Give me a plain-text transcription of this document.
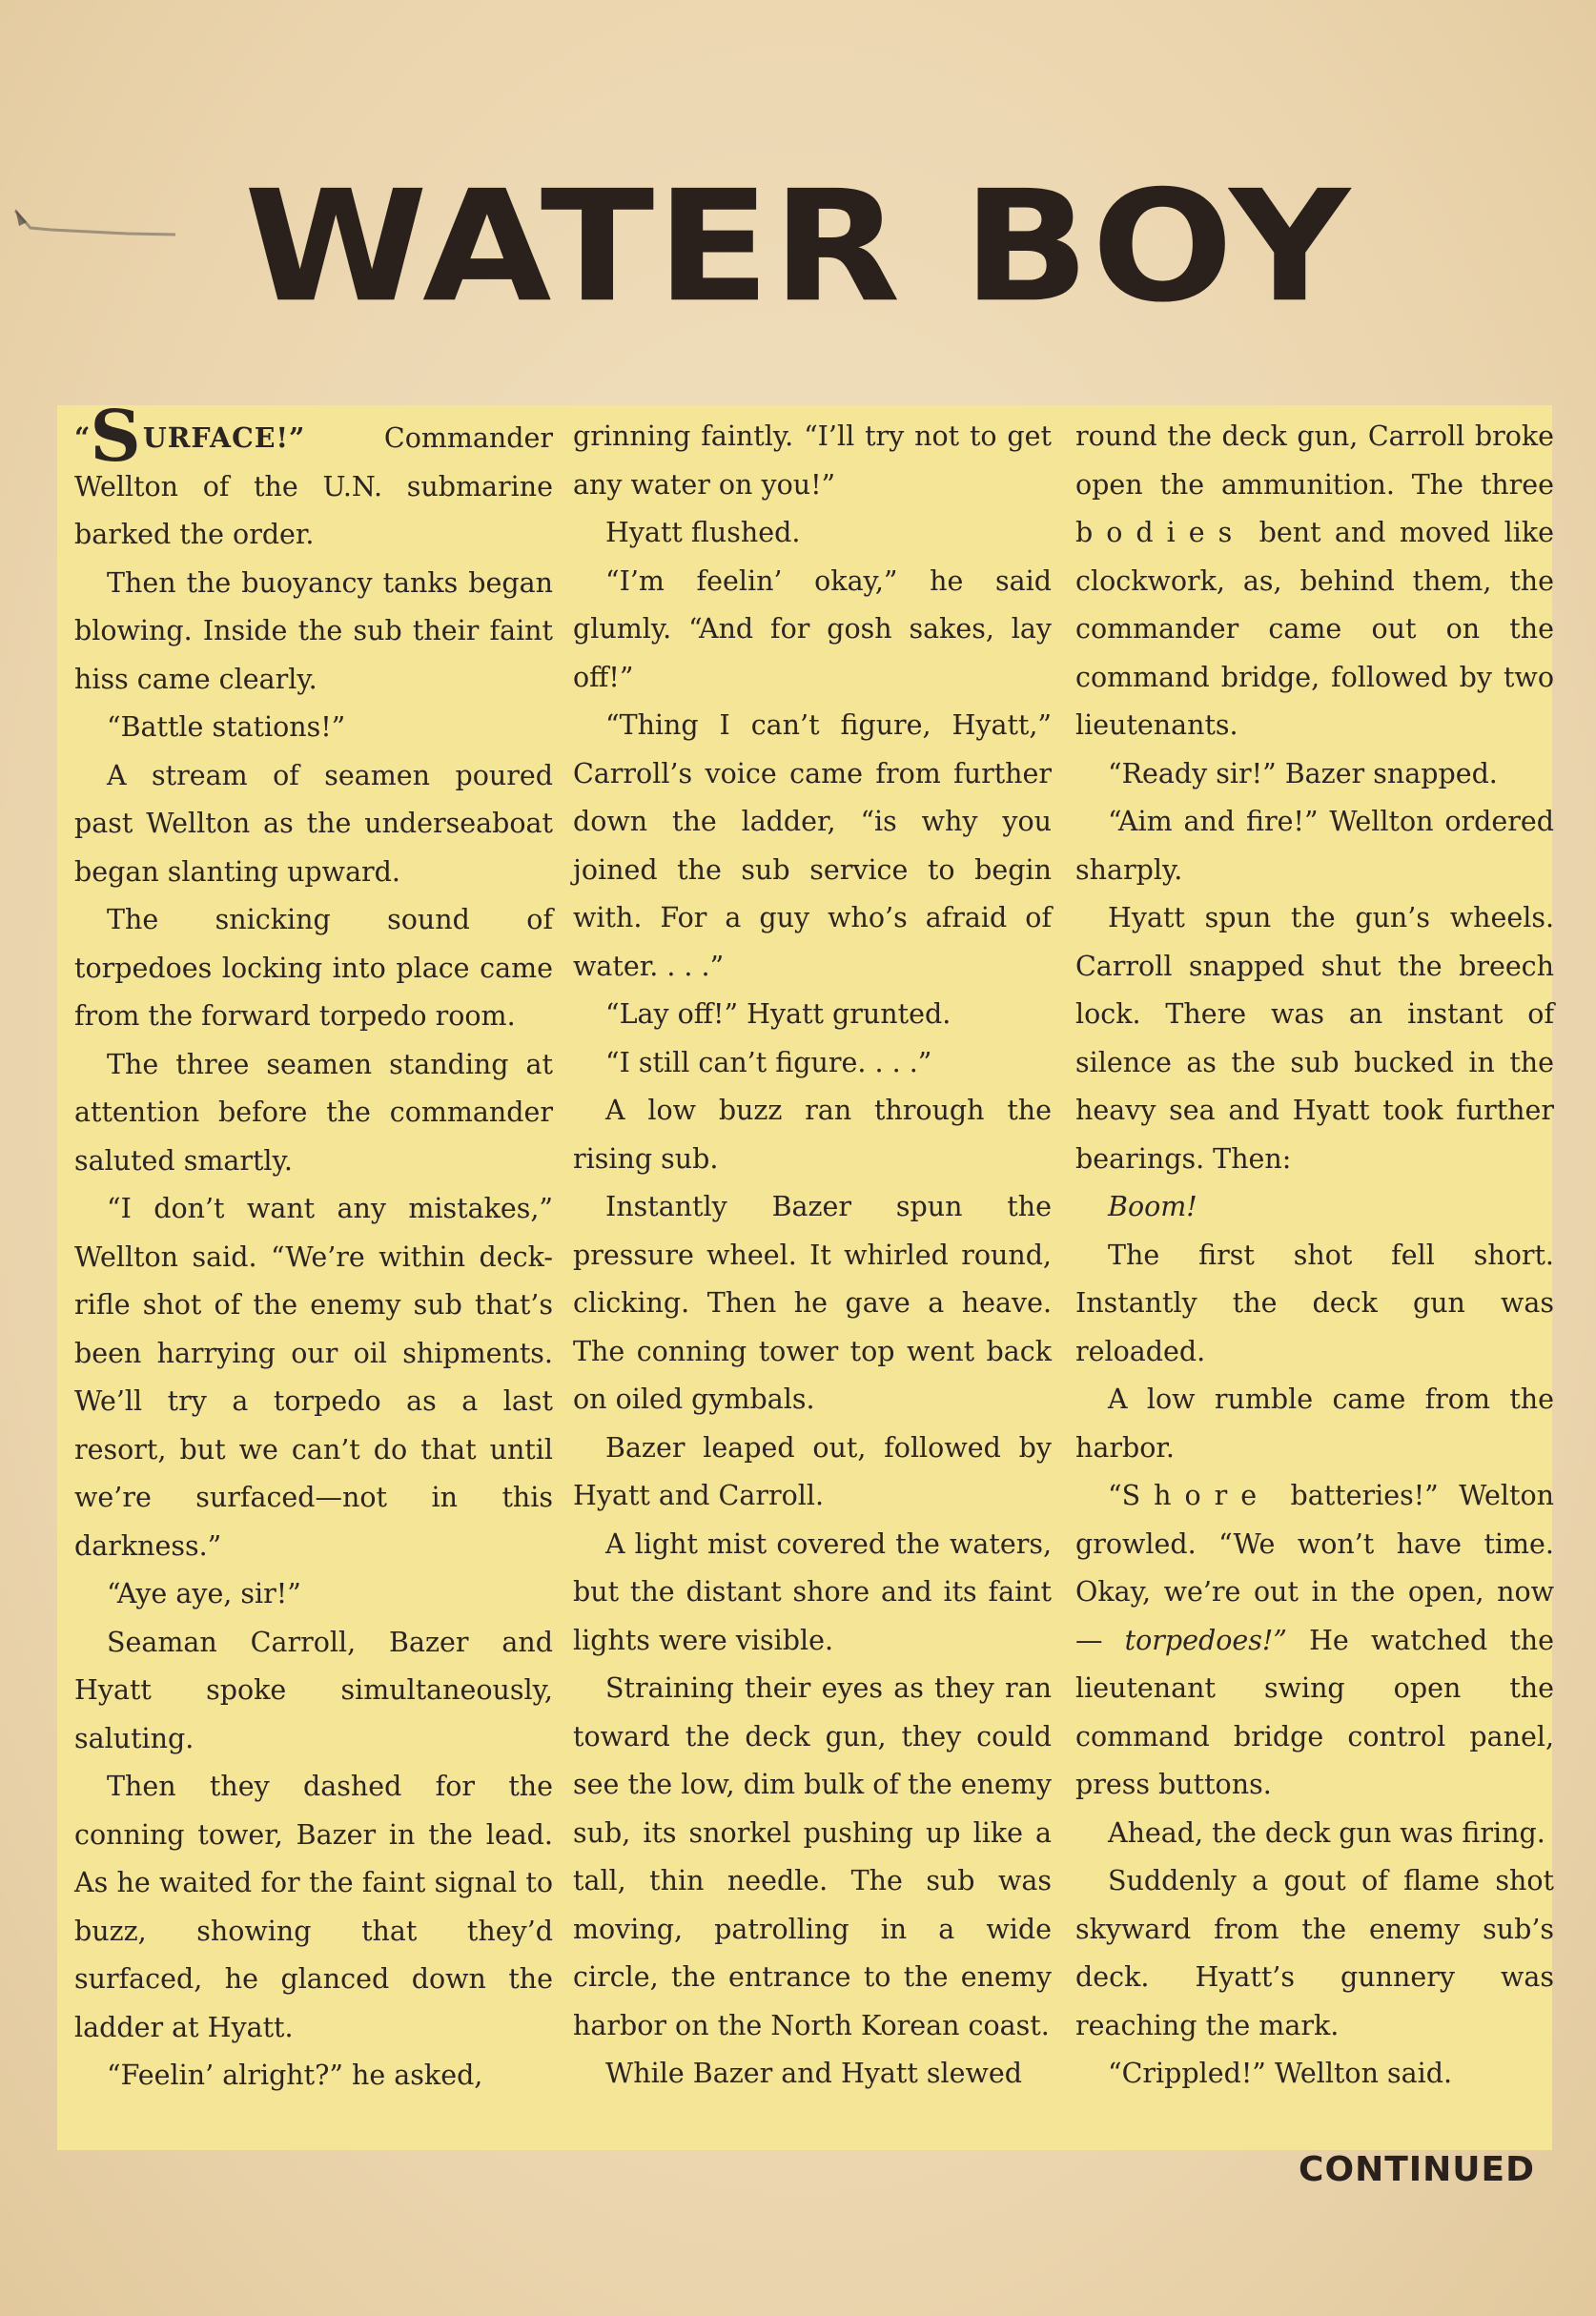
WATER BOY

“SURFACE!”	Commander Wellton of the U.N. submarine barked the order.

Then the buoyancy tanks began blowing. Inside the sub their faint hiss came clearly.

“Battle stations!”

A stream of seamen poured past Wellton as the underseaboat began slanting upward.

The snicking sound of torpedoes locking into place came from the forward torpedo room.

The three seamen standing at attention before the commander saluted smartly.

“I don’t want any mistakes,” Wellton said. “We’re within deck-rifle shot of the enemy sub that’s been harrying our oil shipments. We’ll try a torpedo as a last resort, but we can’t do that until we’re surfaced—not in this darkness.”

“Aye aye, sir!”

Seaman Carroll, Bazer and Hyatt spoke simultaneously, saluting.

Then they dashed for the conning tower, Bazer in the lead. As he waited for the faint signal to buzz, showing that they’d surfaced, he glanced down the ladder at Hyatt.

“Feelin’ alright?” he asked,

grinning faintly. “I’ll try not to get any water on you!”

Hyatt flushed.

“I’m feelin’ okay,” he said glumly. “And for gosh sakes, lay off!”

“Thing I can’t figure, Hyatt,” Carroll’s voice came from further down the ladder, “is why you joined the sub service to begin with. For a guy who’s afraid of water. . . .”

“Lay off!” Hyatt grunted.

“I still can’t figure. . . .”

A low buzz ran through the rising sub.

Instantly Bazer spun the pressure wheel. It whirled round, clicking. Then he gave a heave. The conning tower top went back on oiled gymbals.

Bazer leaped out, followed by Hyatt and Carroll.

A light mist covered the waters, but the distant shore and its faint lights were visible.

Straining their eyes as they ran toward the deck gun, they could see the low, dim bulk of the enemy sub, its snorkel pushing up like a tall, thin needle. The sub was moving, patrolling in a wide circle, the entrance to the enemy harbor on the North Korean coast.

While Bazer and Hyatt slewed

round the deck gun, Carroll broke open the ammunition. The three bodies bent and moved like clockwork, as, behind them, the commander came out on the command bridge, followed by two lieutenants.

“Ready sir!” Bazer snapped.

“Aim and fire!” Wellton ordered sharply.

Hyatt spun the gun’s wheels. Carroll snapped shut the breech lock. There was an instant of silence as the sub bucked in the heavy sea and Hyatt took further bearings. Then:

Boom!

The first shot fell short. Instantly the deck gun was reloaded.

A low rumble came from the harbor.

“Shore batteries!” Welton growled. “We won’t have time. Okay, we’re out in the open, now — torpedoes!” He watched the lieutenant swing open the command bridge control panel, press buttons.

Ahead, the deck gun was firing.

Suddenly a gout of flame shot skyward from the enemy sub’s deck. Hyatt’s gunnery was reaching the mark.

“Crippled!” Wellton said.

CONTINUED
